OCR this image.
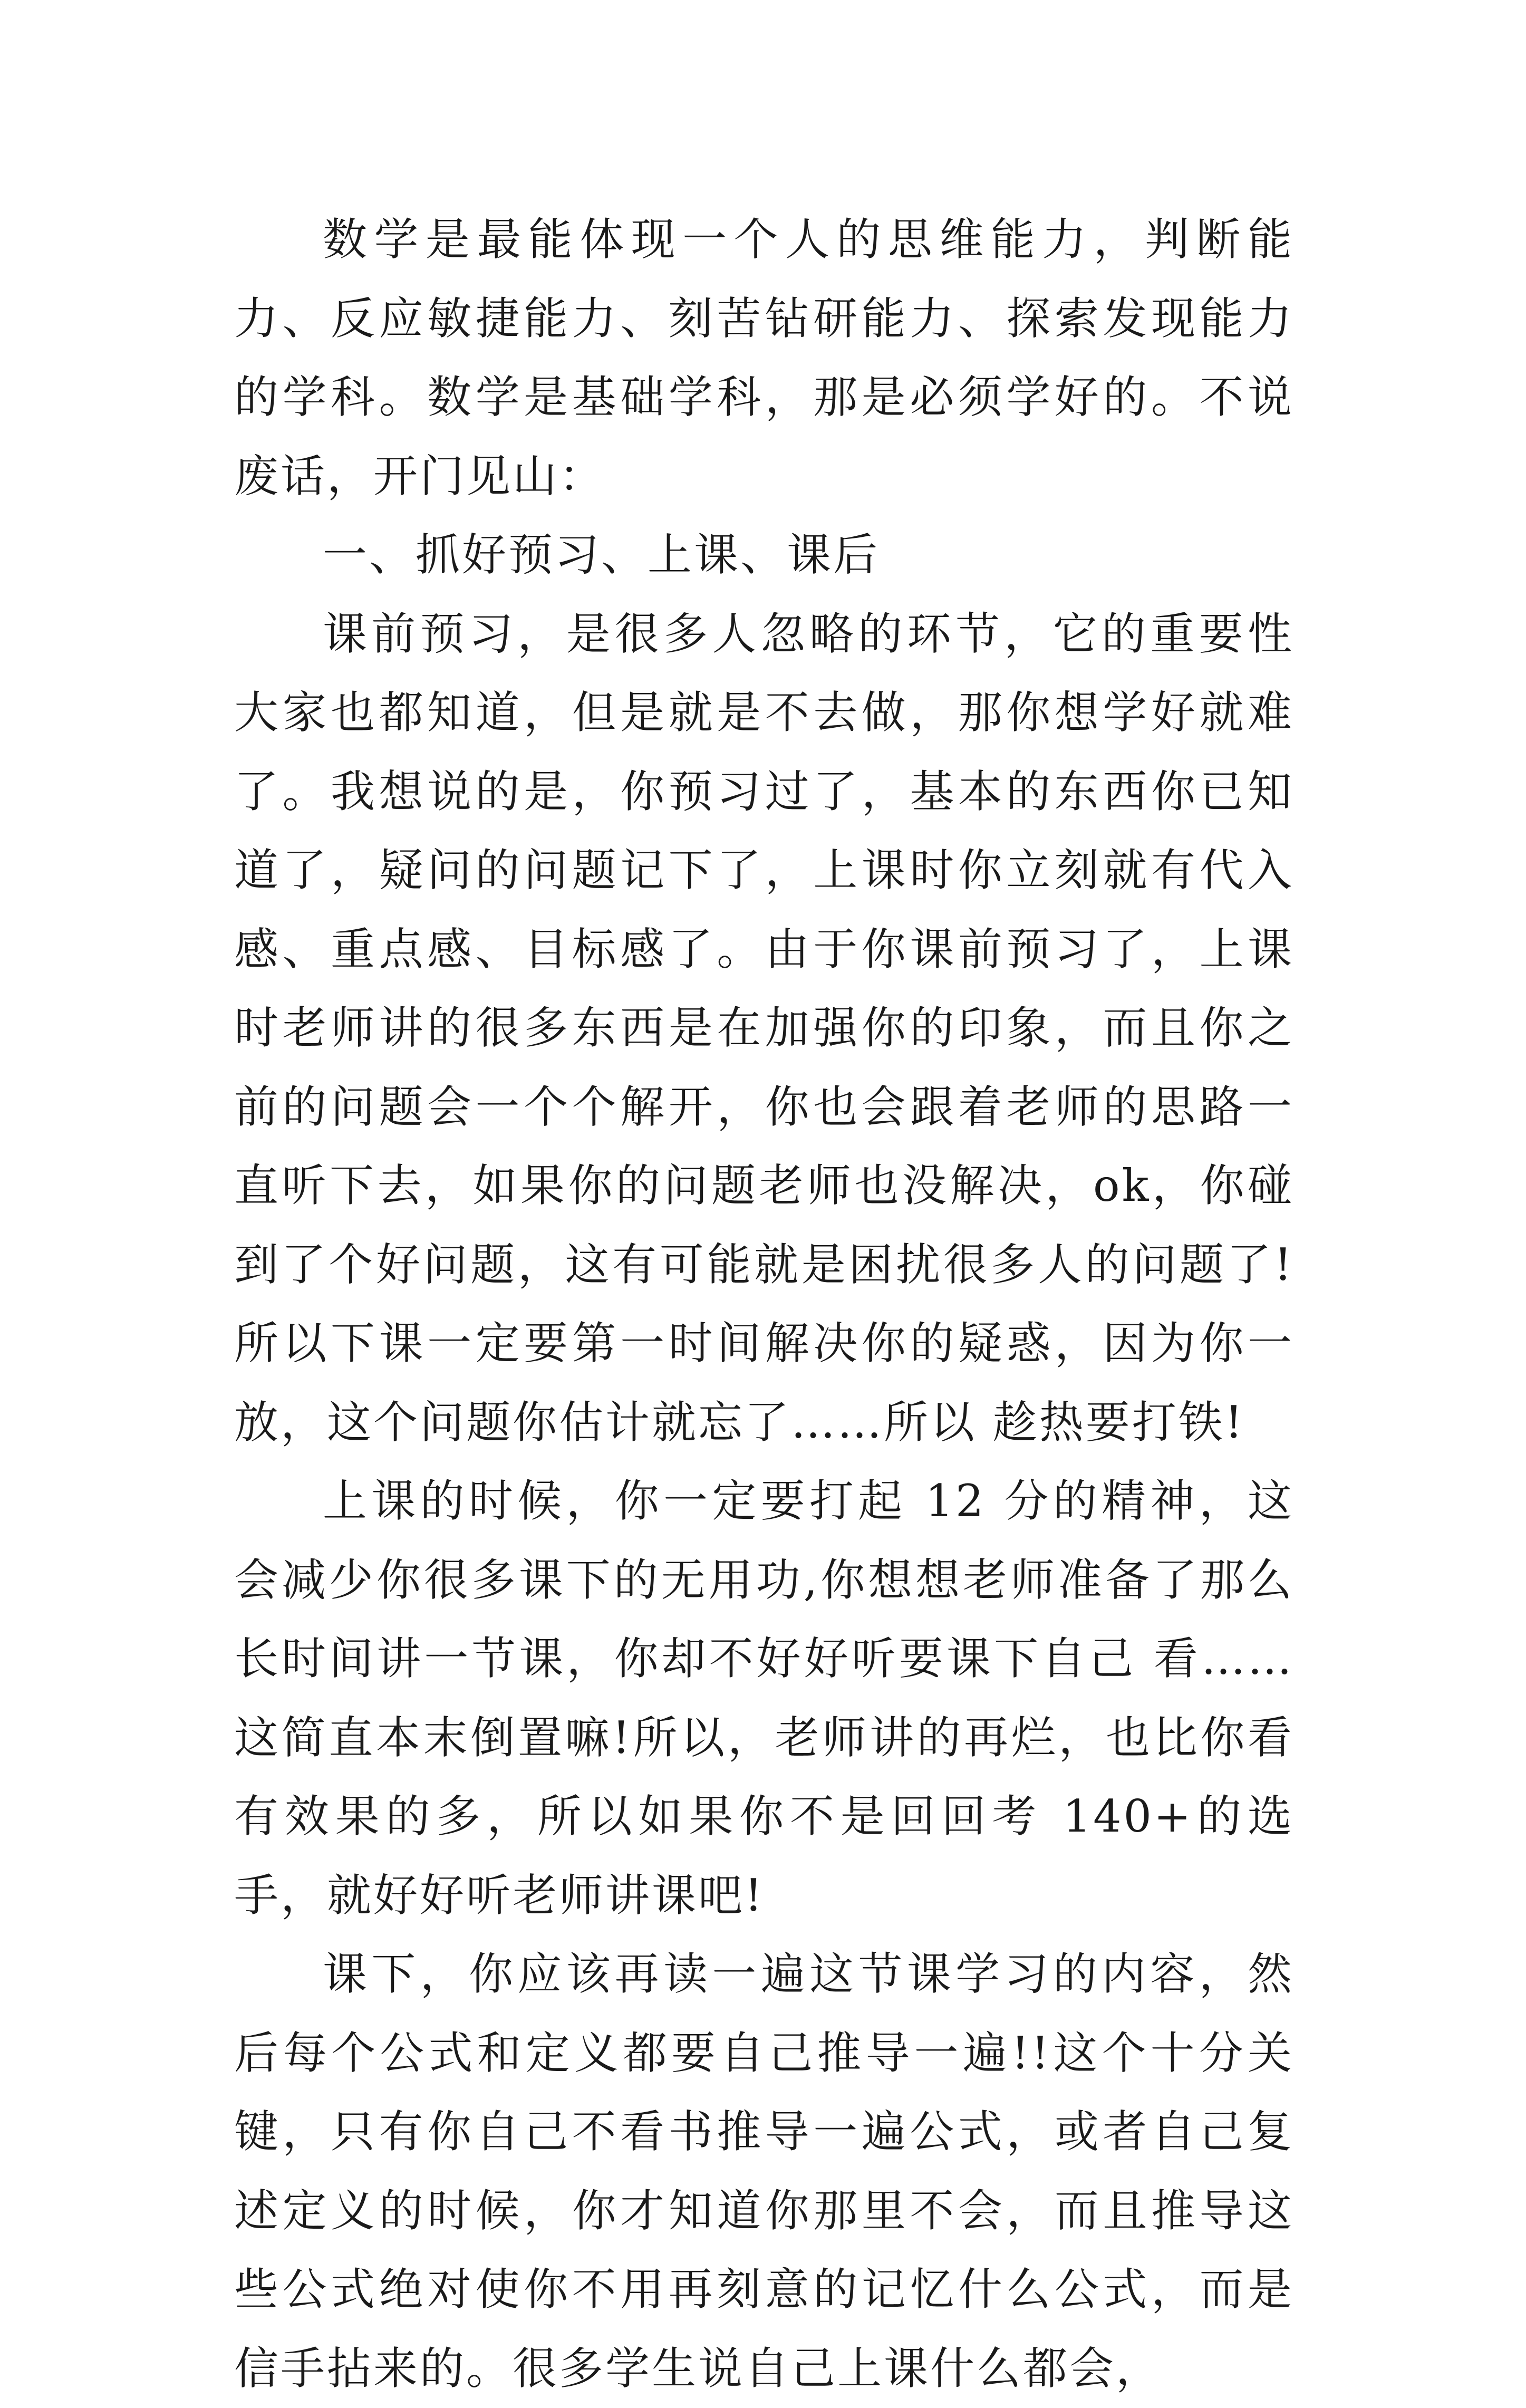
数学是最能体现一个人的思维能力，判断能力、反应敏捷能力、刻苦钻研能力、探索发现能力的学科。数学是基础学科，那是必须学好的。不说废话，开门见山：

一、抓好预习、上课、课后

课前预习，是很多人忽略的环节，它的重要性大家也都知道，但是就是不去做，那你想学好就难了。我想说的是，你预习过了，基本的东西你已知道了，疑问的问题记下了，上课时你立刻就有代入感、重点感、目标感了。由于你课前预习了，上课时老师讲的很多东西是在加强你的印象，而且你之前的问题会一个个解开，你也会跟着老师的思路一直听下去，如果你的问题老师也没解决，ok，你碰到了个好问题，这有可能就是困扰很多人的问题了!所以下课一定要第一时间解决你的疑惑，因为你一放，这个问题你估计就忘了……所以 趁热要打铁!

上课的时候，你一定要打起 12 分的精神，这会减少你很多课下的无用功,你想想老师准备了那么长时间讲一节课，你却不好好听要课下自己 看……这简直本末倒置嘛!所以，老师讲的再烂，也比你看有效果的多，所以如果你不是回回考 140+的选手，就好好听老师讲课吧!

课下，你应该再读一遍这节课学习的内容，然后每个公式和定义都要自己推导一遍!!这个十分关键，只有你自己不看书推导一遍公式，或者自己复述定义的时候，你才知道你那里不会，而且推导这些公式绝对使你不用再刻意的记忆什么公式，而是信手拈来的。很多学生说自己上课什么都会，
